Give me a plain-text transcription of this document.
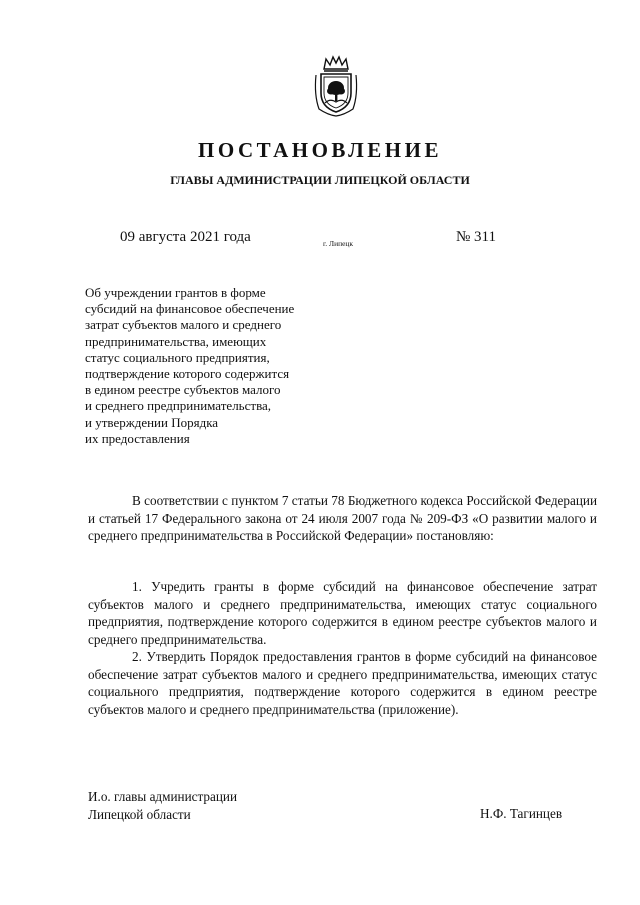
ПОСТАНОВЛЕНИЕ
ГЛАВЫ АДМИНИСТРАЦИИ ЛИПЕЦКОЙ ОБЛАСТИ
09 августа 2021 года	г. Липецк	№ 311
Об учреждении грантов в форме
субсидий на финансовое обеспечение
затрат субъектов малого и среднего
предпринимательства, имеющих
статус социального предприятия,
подтверждение которого содержится
в едином реестре субъектов малого
и среднего предпринимательства,
и утверждении Порядка
их предоставления
В соответствии с пунктом 7 статьи 78 Бюджетного кодекса Российской Федерации и статьей 17 Федерального закона от 24 июля 2007 года № 209-ФЗ «О развитии малого и среднего предпринимательства в Российской Федерации» постановляю:
1. Учредить гранты в форме субсидий на финансовое обеспечение затрат субъектов малого и среднего предпринимательства, имеющих статус социального предприятия, подтверждение которого содержится в едином реестре субъектов малого и среднего предпринимательства.
2. Утвердить Порядок предоставления грантов в форме субсидий на финансовое обеспечение затрат субъектов малого и среднего предпринимательства, имеющих статус социального предприятия, подтверждение которого содержится в едином реестре субъектов малого и среднего предпринимательства (приложение).
И.о. главы администрации
Липецкой области	Н.Ф. Тагинцев
